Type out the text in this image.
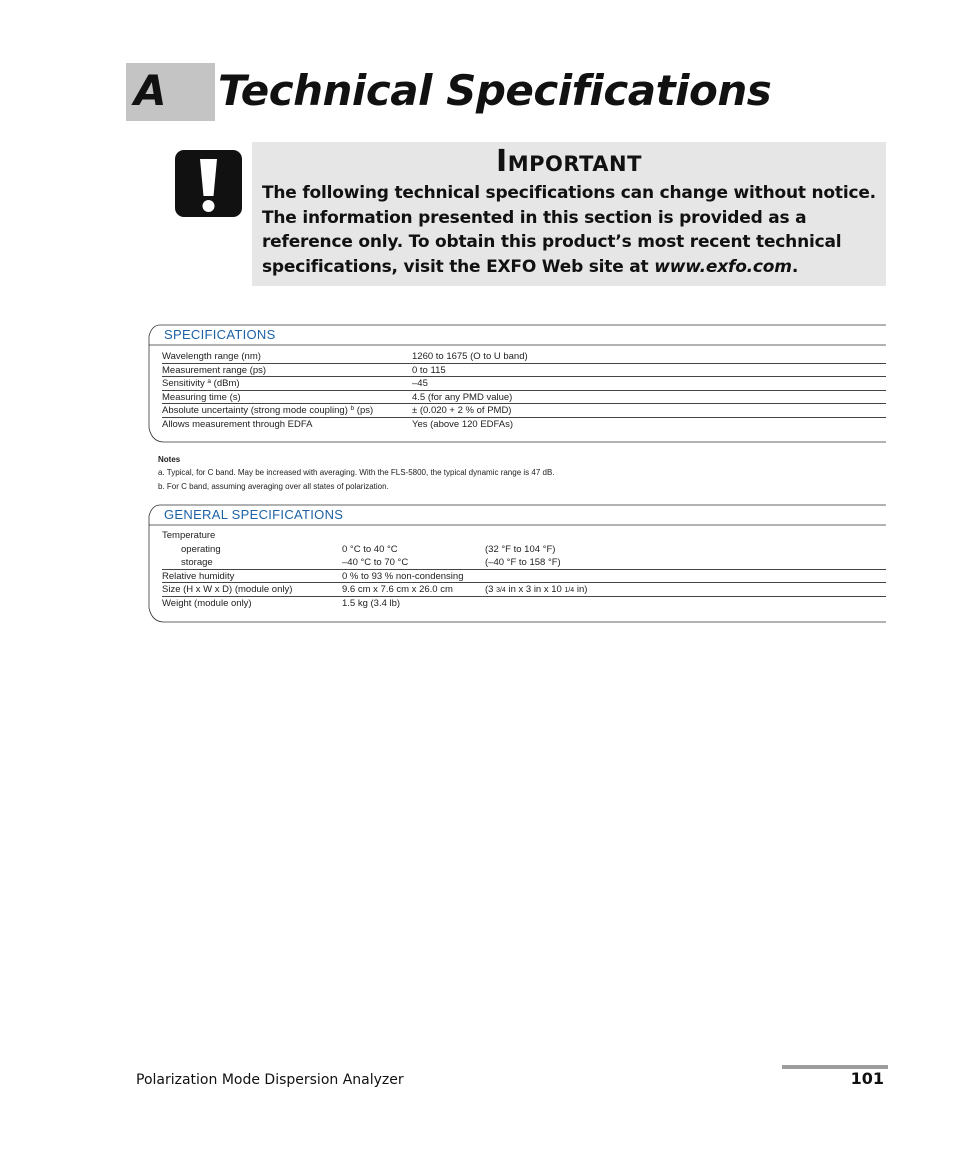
A Technical Specifications
Important
The following technical specifications can change without notice. The information presented in this section is provided as a reference only. To obtain this product’s most recent technical specifications, visit the EXFO Web site at www.exfo.com.
SPECIFICATIONS
Wavelength range (nm)	1260 to 1675 (O to U band)
Measurement range (ps)	0 to 115
Sensitivity $^a$ (dBm)	–45
Measuring time (s)	4.5 (for any PMD value)
Absolute uncertainty (strong mode coupling) $^b$ (ps)	± (0.020 + 2 % of PMD)
Allows measurement through EDFA	Yes (above 120 EDFAs)
Notes
a. Typical, for C band. May be increased with averaging. With the FLS-5800, the typical dynamic range is 47 dB.
b. For C band, assuming averaging over all states of polarization.
GENERAL SPECIFICATIONS
Temperature
operating	0 °C to 40 °C	(32 °F to 104 °F)
storage	–40 °C to 70 °C	(–40 °F to 158 °F)
Relative humidity	0 % to 93 % non-condensing
Size (H x W x D) (module only)	9.6 cm x 7.6 cm x 26.0 cm	(3 3/4 in x 3 in x 10 1/4 in)
Weight (module only)	1.5 kg (3.4 lb)
Polarization Mode Dispersion Analyzer	101
